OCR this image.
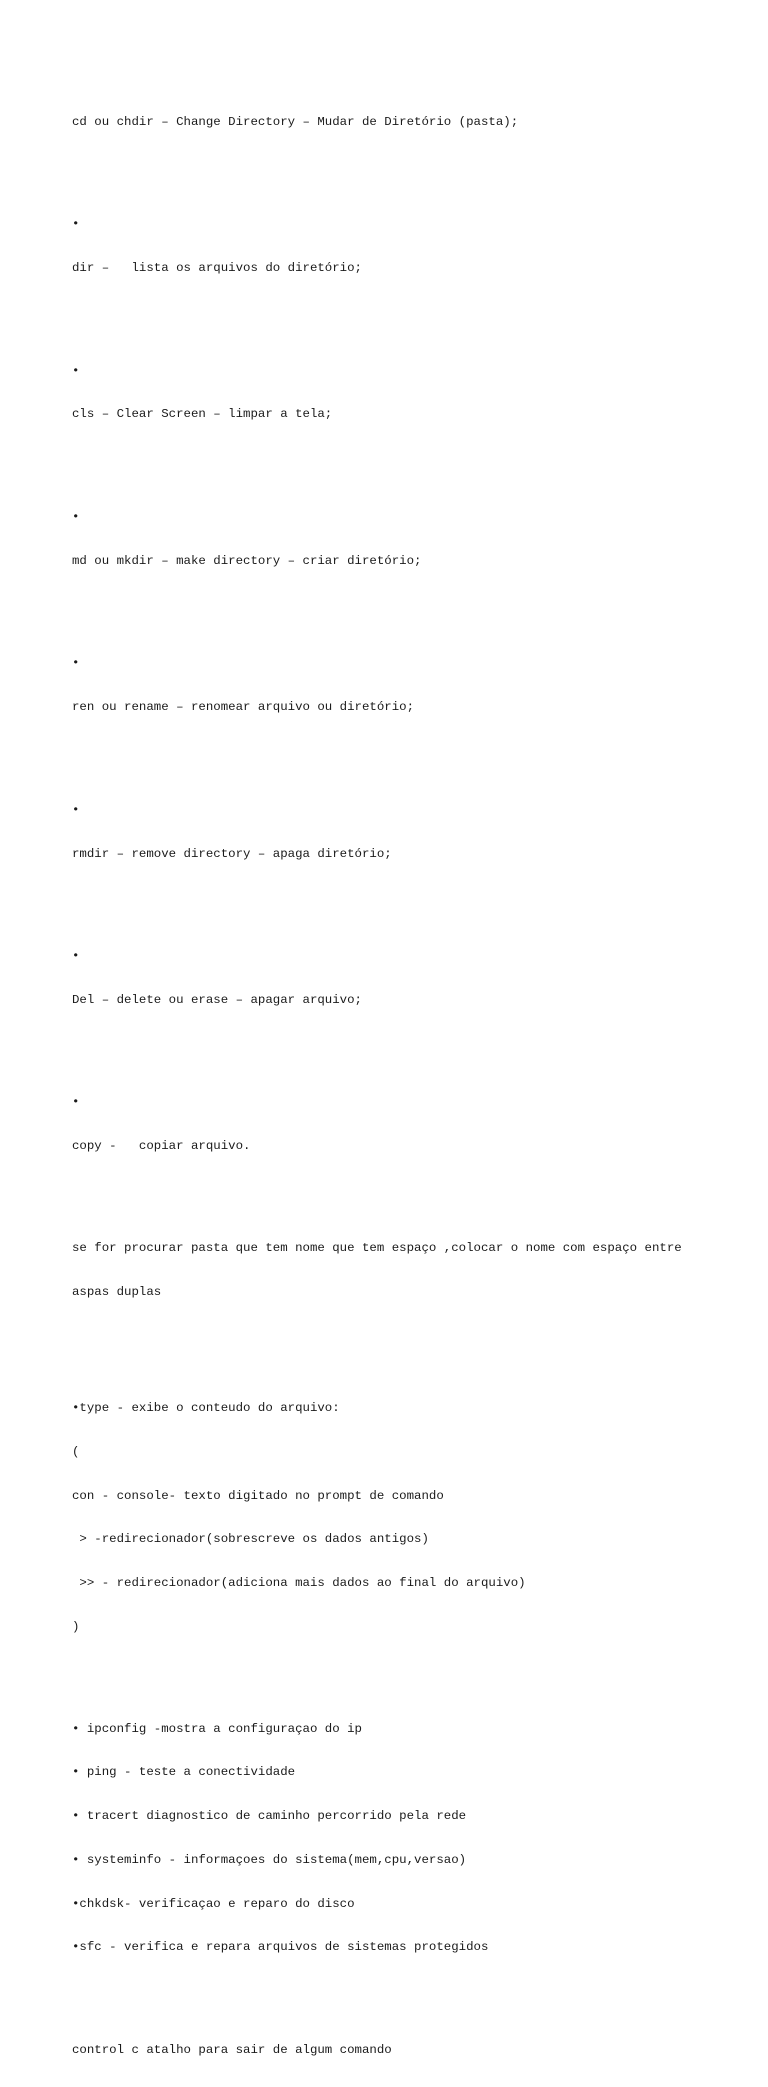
cd ou chdir – Change Directory – Mudar de Diretório (pasta);

•

dir –   lista os arquivos do diretório;

•

cls – Clear Screen – limpar a tela;

•

md ou mkdir – make directory – criar diretório;

•

ren ou rename – renomear arquivo ou diretório;

•

rmdir – remove directory – apaga diretório;

•

Del – delete ou erase – apagar arquivo;

•

copy -   copiar arquivo.

se for procurar pasta que tem nome que tem espaço ,colocar o nome com espaço entre

aspas duplas

•type - exibe o conteudo do arquivo:

(

con - console- texto digitado no prompt de comando

> -redirecionador(sobrescreve os dados antigos)

>> - redirecionador(adiciona mais dados ao final do arquivo)

)

• ipconfig -mostra a configuraçao do ip

• ping - teste a conectividade

• tracert diagnostico de caminho percorrido pela rede

• systeminfo - informaçoes do sistema(mem,cpu,versao)

•chkdsk- verificaçao e reparo do disco

•sfc - verifica e repara arquivos de sistemas protegidos

control c atalho para sair de algum comando
